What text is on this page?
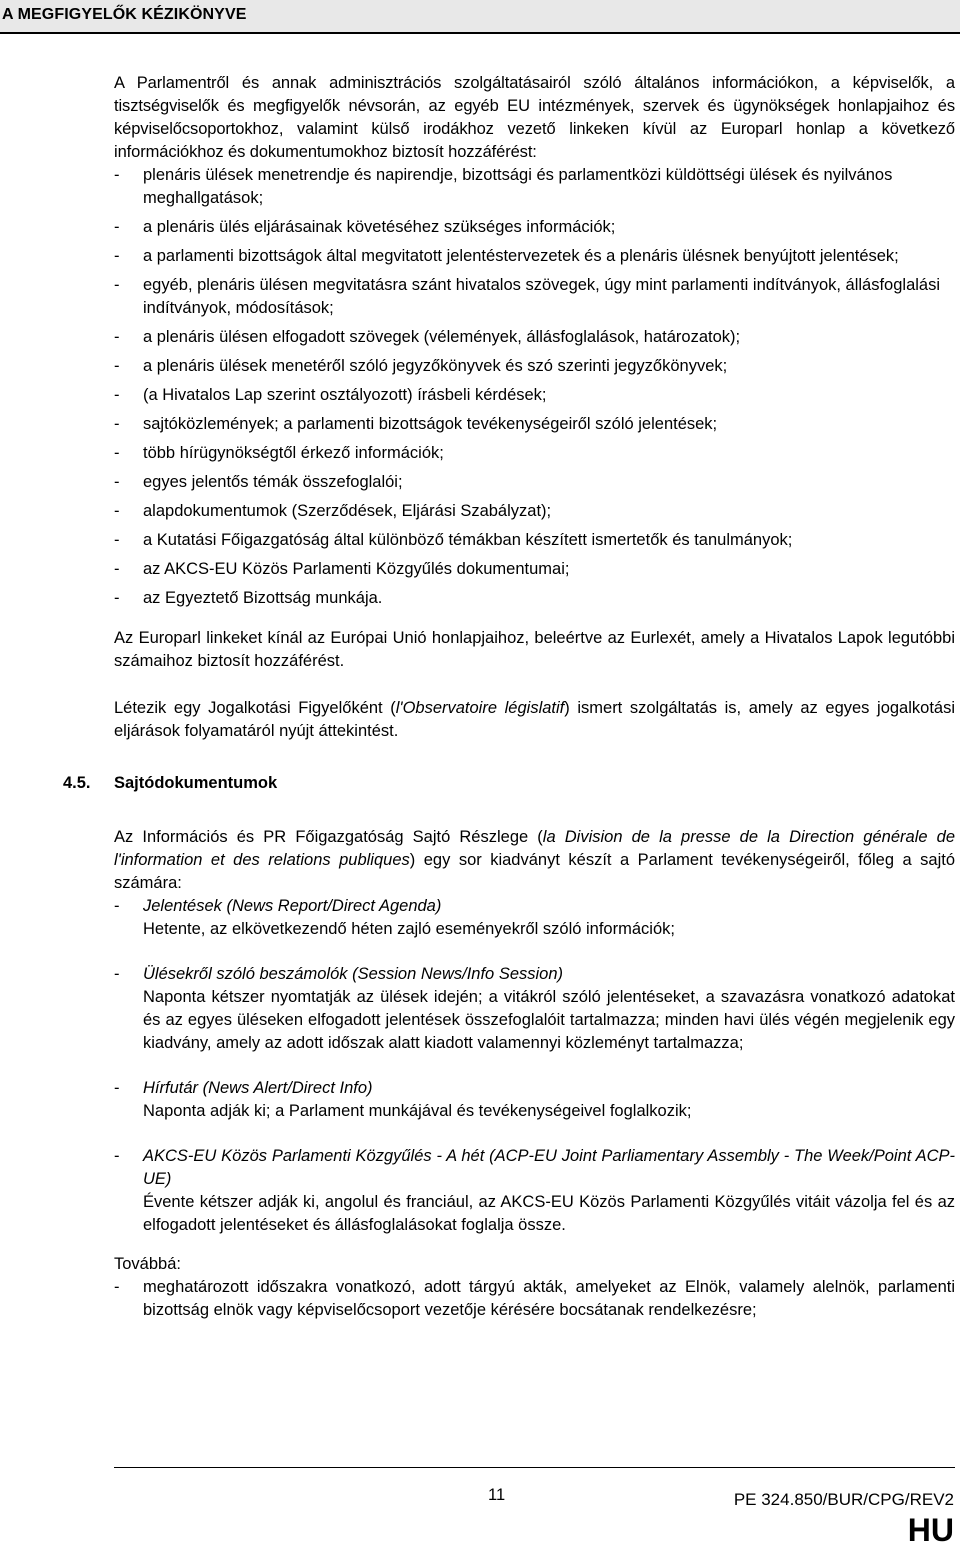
A MEGFIGYELŐK KÉZIKÖNYVE

A Parlamentről és annak adminisztrációs szolgáltatásairól szóló általános információkon, a képviselők, a tisztségviselők és megfigyelők névsorán, az egyéb EU intézmények, szervek és ügynökségek honlapjaihoz és képviselőcsoportokhoz, valamint külső irodákhoz vezető linkeken kívül az Europarl honlap a következő információkhoz és dokumentumokhoz biztosít hozzáférést:

- plenáris ülések menetrendje és napirendje, bizottsági és parlamentközi küldöttségi ülések és nyilvános meghallgatások;
- a plenáris ülés eljárásainak követéséhez szükséges információk;
- a parlamenti bizottságok által megvitatott jelentéstervezetek és a plenáris ülésnek benyújtott jelentések;
- egyéb, plenáris ülésen megvitatásra szánt hivatalos szövegek, úgy mint parlamenti indítványok, állásfoglalási indítványok, módosítások;
- a plenáris ülésen elfogadott szövegek (vélemények, állásfoglalások, határozatok);
- a plenáris ülések menetéről szóló jegyzőkönyvek és szó szerinti jegyzőkönyvek;
- (a Hivatalos Lap szerint osztályozott) írásbeli kérdések;
- sajtóközlemények; a parlamenti bizottságok tevékenységeiről szóló jelentések;
- több hírügynökségtől érkező információk;
- egyes jelentős témák összefoglalói;
- alapdokumentumok (Szerződések, Eljárási Szabályzat);
- a Kutatási Főigazgatóság által különböző témákban készített ismertetők és tanulmányok;
- az AKCS-EU Közös Parlamenti Közgyűlés dokumentumai;
- az Egyeztető Bizottság munkája.

Az Europarl linkeket kínál az Európai Unió honlapjaihoz, beleértve az Eurlexét, amely a Hivatalos Lapok legutóbbi számaihoz biztosít hozzáférést.

Létezik egy Jogalkotási Figyelőként (l'Observatoire législatif) ismert szolgáltatás is, amely az egyes jogalkotási eljárások folyamatáról nyújt áttekintést.

4.5. Sajtódokumentumok

Az Információs és PR Főigazgatóság Sajtó Részlege (la Division de la presse de la Direction générale de l'information et des relations publiques) egy sor kiadványt készít a Parlament tevékenységeiről, főleg a sajtó számára:

- Jelentések (News Report/Direct Agenda)
Hetente, az elkövetkezendő héten zajló eseményekről szóló információk;
- Ülésekről szóló beszámolók (Session News/Info Session)
Naponta kétszer nyomtatják az ülések idején; a vitákról szóló jelentéseket, a szavazásra vonatkozó adatokat és az egyes üléseken elfogadott jelentések összefoglalóit tartalmazza; minden havi ülés végén megjelenik egy kiadvány, amely az adott időszak alatt kiadott valamennyi közleményt tartalmazza;
- Hírfutár (News Alert/Direct Info)
Naponta adják ki; a Parlament munkájával és tevékenységeivel foglalkozik;
- AKCS-EU Közös Parlamenti Közgyűlés - A hét (ACP-EU Joint Parliamentary Assembly - The Week/Point ACP-UE)
Évente kétszer adják ki, angolul és franciául, az AKCS-EU Közös Parlamenti Közgyűlés vitáit vázolja fel és az elfogadott jelentéseket és állásfoglalásokat foglalja össze.

Továbbá:

- meghatározott időszakra vonatkozó, adott tárgyú akták, amelyeket az Elnök, valamely alelnök, parlamenti bizottság elnök vagy képviselőcsoport vezetője kérésére bocsátanak rendelkezésre;
11	PE 324.850/BUR/CPG/REV2
HU
